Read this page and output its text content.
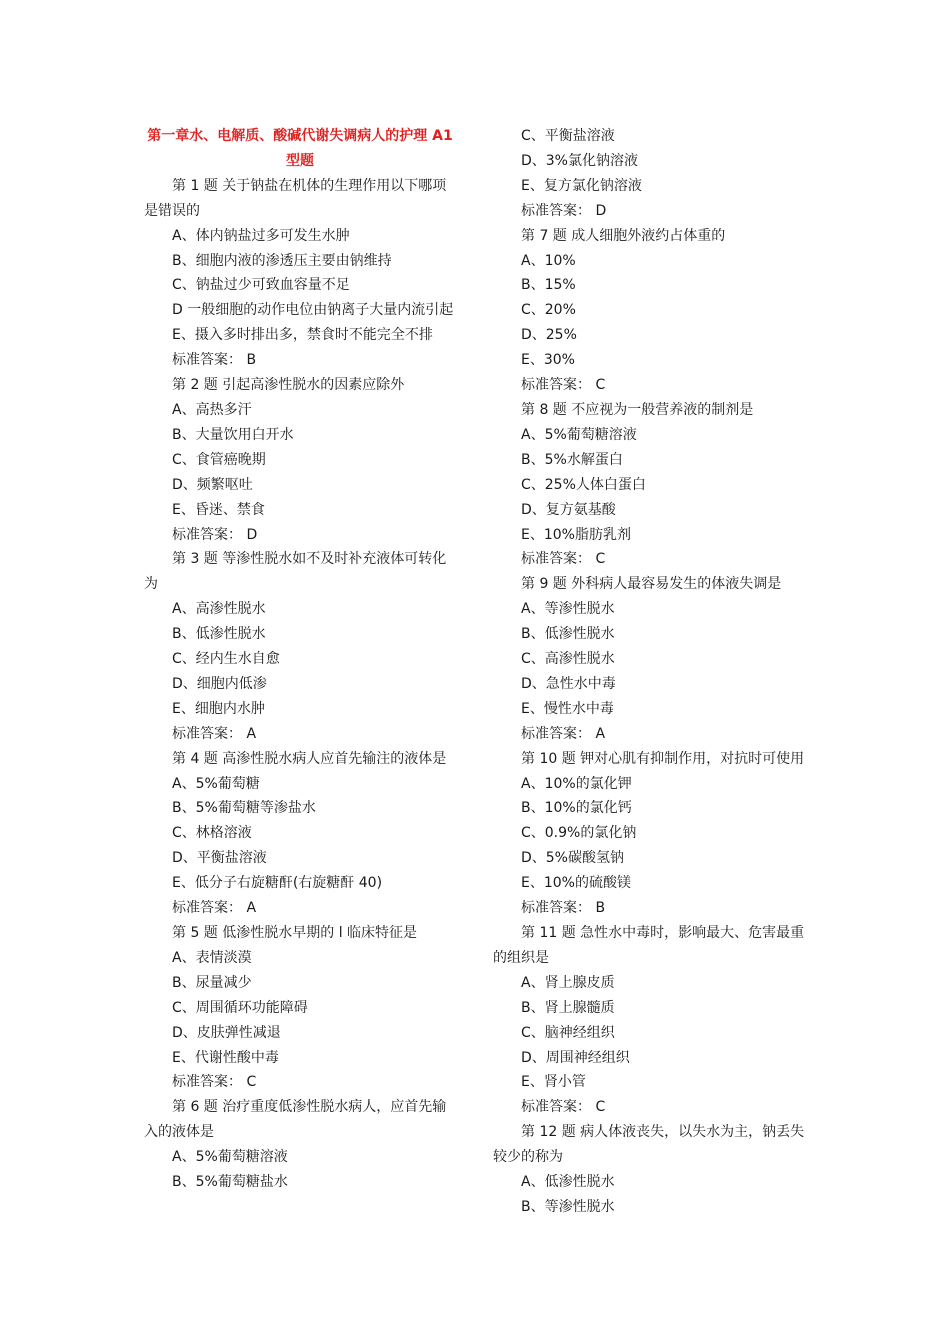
第一章水、电解质、酸碱代谢失调病人的护理 A1 型题
第 1 题 关于钠盐在机体的生理作用以下哪项是错误的
A、体内钠盐过多可发生水肿
B、细胞内液的渗透压主要由钠维持
C、钠盐过少可致血容量不足
D 一般细胞的动作电位由钠离子大量内流引起
E、摄入多时排出多，禁食时不能完全不排
标准答案： B
第 2 题 引起高渗性脱水的因素应除外
A、高热多汗
B、大量饮用白开水
C、食管癌晚期
D、频繁呕吐
E、昏迷、禁食
标准答案： D
第 3 题 等渗性脱水如不及时补充液体可转化为
A、高渗性脱水
B、低渗性脱水
C、经内生水自愈
D、细胞内低渗
E、细胞内水肿
标准答案： A
第 4 题 高渗性脱水病人应首先输注的液体是
A、5%葡萄糖
B、5%葡萄糖等渗盐水
C、林格溶液
D、平衡盐溶液
E、低分子右旋糖酐(右旋糖酐 40)
标准答案： A
第 5 题 低渗性脱水早期的 l 临床特征是
A、表情淡漠
B、尿量减少
C、周围循环功能障碍
D、皮肤弹性减退
E、代谢性酸中毒
标准答案： C
第 6 题 治疗重度低渗性脱水病人，应首先输入的液体是
A、5%葡萄糖溶液
B、5%葡萄糖盐水
C、平衡盐溶液
D、3%氯化钠溶液
E、复方氯化钠溶液
标准答案： D
第 7 题 成人细胞外液约占体重的
A、10%
B、15%
C、20%
D、25%
E、30%
标准答案： C
第 8 题 不应视为一般营养液的制剂是
A、5%葡萄糖溶液
B、5%水解蛋白
C、25%人体白蛋白
D、复方氨基酸
E、10%脂肪乳剂
标准答案： C
第 9 题 外科病人最容易发生的体液失调是
A、等渗性脱水
B、低渗性脱水
C、高渗性脱水
D、急性水中毒
E、慢性水中毒
标准答案： A
第 10 题 钾对心肌有抑制作用，对抗时可使用
A、10%的氯化钾
B、10%的氯化钙
C、0.9%的氯化钠
D、5%碳酸氢钠
E、10%的硫酸镁
标准答案： B
第 11 题 急性水中毒时，影响最大、危害最重的组织是
A、肾上腺皮质
B、肾上腺髓质
C、脑神经组织
D、周围神经组织
E、肾小管
标准答案： C
第 12 题 病人体液丧失，以失水为主，钠丢失较少的称为
A、低渗性脱水
B、等渗性脱水
